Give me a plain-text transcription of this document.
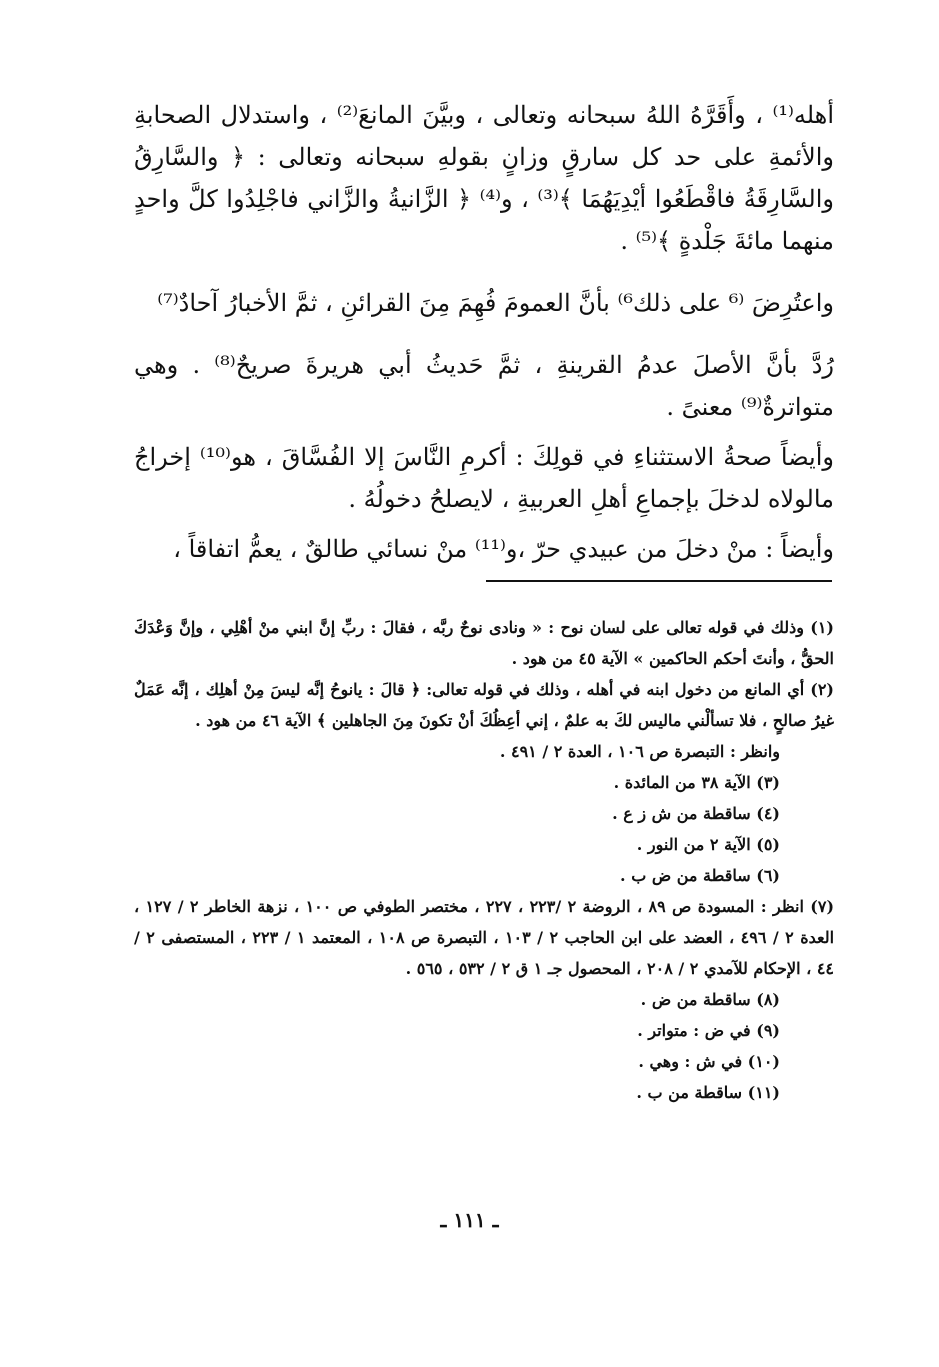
أهله⁽¹⁾ ، وأَقَرَّهُ اللهُ سبحانه وتعالى ، وبيَّنَ المانعَ⁽²⁾ ، واستدلال الصحابةِ والأئمةِ على حد كل سارقٍ وزانٍ بقولهِ سبحانه وتعالى : ﴿ والسَّارِقُ والسَّارِقَةُ فاقْطَعُوا أيْدِيَهُمَا ﴾⁽³⁾ ، و⁽⁴⁾ ﴿ الزَّانيةُ والزَّاني فاجْلِدُوا كلَّ واحدٍ منهما مائةَ جَلْدةٍ ﴾⁽⁵⁾ .

واعتُرِضَ ⁽⁶ على ذلك⁶⁾ بأنَّ العمومَ فُهِمَ مِنَ القرائنِ ، ثمَّ الأخبارُ آحادٌ⁽⁷⁾

رُدَّ بأنَّ الأصلَ عدمُ القرينةِ ، ثمَّ حَديثُ أبي هريرةَ صريحٌ⁽⁸⁾ . وهي متواترةٌ⁽⁹⁾ معنىً .

وأيضاً صحةُ الاستثناءِ في قولِكَ : أكرمِ النَّاسَ إلا الفُسَّاقَ ، هو⁽¹⁰⁾ إخراجُ مالولاه لدخلَ بإجماعِ أهلِ العربيةِ ، لايصلحُ دخولُهُ .

وأيضاً : منْ دخلَ من عبيدي حرّ ،و⁽¹¹⁾ منْ نسائي طالقٌ ، يعمُّ اتفاقاً ،

(١) وذلك في قوله تعالى على لسان نوح : « ونادى نوحٌ ربَّه ، فقالَ : ربِّ إنَّ ابني منْ أهْلِي ، وإنَّ وَعْدَكَ الحقُّ ، وأنتَ أحكم الحاكمين » الآية ٤٥ من هود .

(٢) أي المانع من دخول ابنه في أهله ، وذلك في قوله تعالى: ﴿ قالَ : يانوحُ إنَّه ليسَ مِنْ أهلِك ، إنَّه عَمَلٌ غيرُ صالحٍ ، فلا تسألْني ماليس لكَ به علمٌ ، إني أعِظُكَ أنْ تكونَ مِنَ الجاهلين ﴾ الآية ٤٦ من هود .

وانظر : التبصرة ص ١٠٦ ، العدة ٢ / ٤٩١ .

(٣) الآية ٣٨ من المائدة .

(٤) ساقطة من ش ز ع .

(٥) الآية ٢ من النور .

(٦) ساقطة من ض ب .

(٧) انظر : المسودة ص ٨٩ ، الروضة ٢ /٢٢٣ ، ٢٢٧ ، مختصر الطوفي ص ١٠٠ ، نزهة الخاطر ٢ / ١٢٧ ، العدة ٢ / ٤٩٦ ، العضد على ابن الحاجب ٢ / ١٠٣ ، التبصرة ص ١٠٨ ، المعتمد ١ / ٢٢٣ ، المستصفى ٢ / ٤٤ ، الإحكام للآمدي ٢ / ٢٠٨ ، المحصول جـ ١ ق ٢ / ٥٣٢ ، ٥٦٥ .

(٨) ساقطة من ض .

(٩) في ض : متواتر .

(١٠) في ش : وهي .

(١١) ساقطة من ب .

ـ ١١١ ـ
